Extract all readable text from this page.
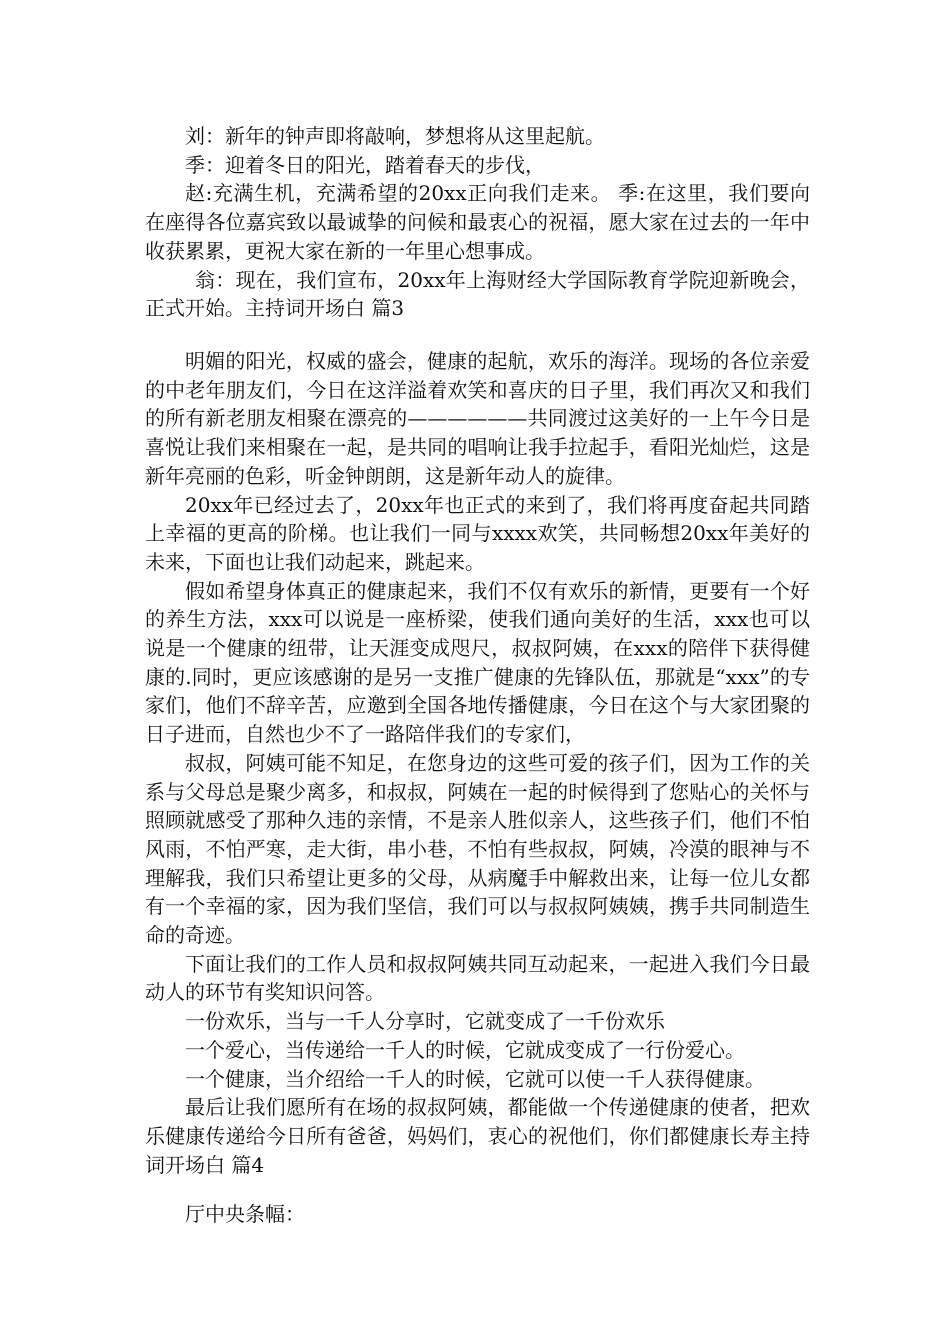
刘：新年的钟声即将敲响，梦想将从这里起航。

季：迎着冬日的阳光，踏着春天的步伐，

赵:充满生机，充满希望的20xx正向我们走来。 季:在这里，我们要向在座得各位嘉宾致以最诚挚的问候和最衷心的祝福，愿大家在过去的一年中收获累累，更祝大家在新的一年里心想事成。

翁：现在，我们宣布，20xx年上海财经大学国际教育学院迎新晚会，正式开始。主持词开场白 篇3

明媚的阳光，权威的盛会，健康的起航，欢乐的海洋。现场的各位亲爱的中老年朋友们，今日在这洋溢着欢笑和喜庆的日子里，我们再次又和我们的所有新老朋友相聚在漂亮的——————共同渡过这美好的一上午今日是喜悦让我们来相聚在一起，是共同的唱响让我手拉起手，看阳光灿烂，这是新年亮丽的色彩，听金钟朗朗，这是新年动人的旋律。

20xx年已经过去了，20xx年也正式的来到了，我们将再度奋起共同踏上幸福的更高的阶梯。也让我们一同与xxxx欢笑，共同畅想20xx年美好的未来，下面也让我们动起来，跳起来。

假如希望身体真正的健康起来，我们不仅有欢乐的新情，更要有一个好的养生方法，xxx可以说是一座桥梁，使我们通向美好的生活，xxx也可以说是一个健康的纽带，让天涯变成咫尺，叔叔阿姨，在xxx的陪伴下获得健康的.同时，更应该感谢的是另一支推广健康的先锋队伍，那就是“xxx”的专家们，他们不辞辛苦，应邀到全国各地传播健康，今日在这个与大家团聚的日子进而，自然也少不了一路陪伴我们的专家们，

叔叔，阿姨可能不知足，在您身边的这些可爱的孩子们，因为工作的关系与父母总是聚少离多，和叔叔，阿姨在一起的时候得到了您贴心的关怀与照顾就感受了那种久违的亲情，不是亲人胜似亲人，这些孩子们，他们不怕风雨，不怕严寒，走大街，串小巷，不怕有些叔叔，阿姨，冷漠的眼神与不理解我，我们只希望让更多的父母，从病魔手中解救出来，让每一位儿女都有一个幸福的家，因为我们坚信，我们可以与叔叔阿姨姨，携手共同制造生命的奇迹。

下面让我们的工作人员和叔叔阿姨共同互动起来，一起进入我们今日最动人的环节有奖知识问答。

一份欢乐，当与一千人分享时，它就变成了一千份欢乐

一个爱心，当传递给一千人的时候，它就成变成了一行份爱心。

一个健康，当介绍给一千人的时候，它就可以使一千人获得健康。

最后让我们愿所有在场的叔叔阿姨，都能做一个传递健康的使者，把欢乐健康传递给今日所有爸爸，妈妈们，衷心的祝他们，你们都健康长寿主持词开场白 篇4

厅中央条幅：
